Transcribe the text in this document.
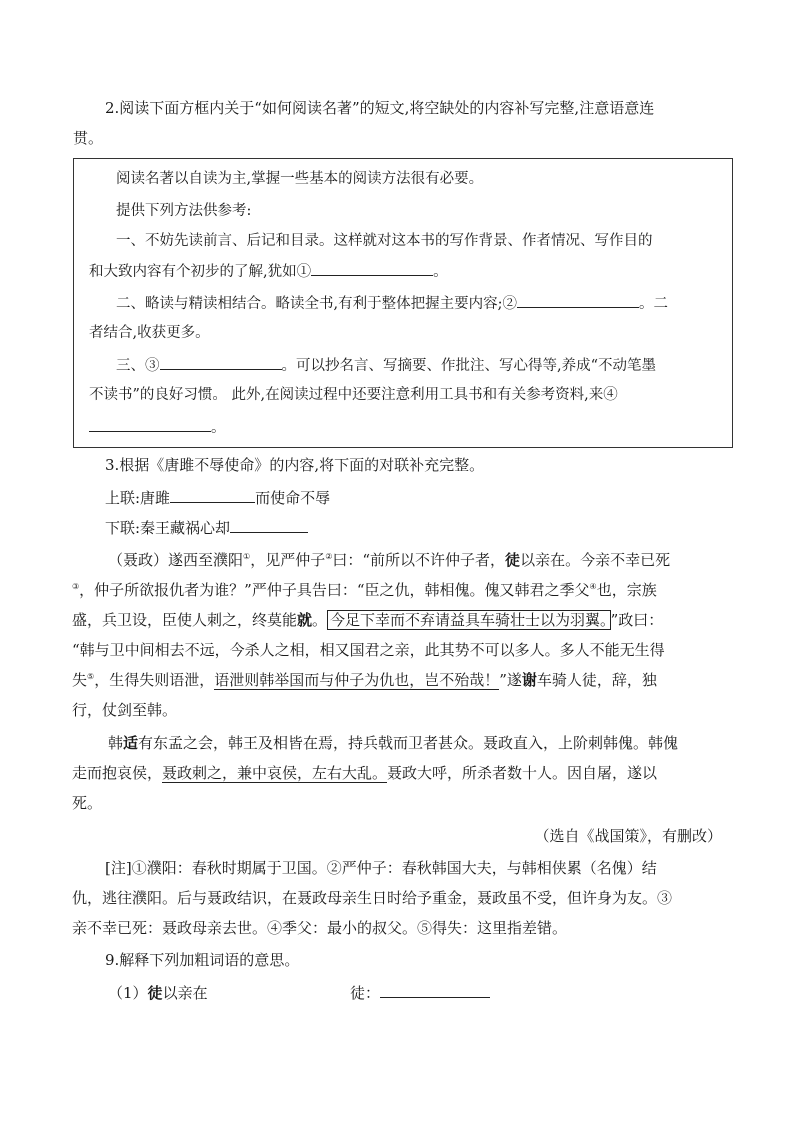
2.阅读下面方框内关于“如何阅读名著”的短文,将空缺处的内容补写完整,注意语意连
贯。
阅读名著以自读为主,掌握一些基本的阅读方法很有必要。
提供下列方法供参考:
一、不妨先读前言、后记和目录。这样就对这本书的写作背景、作者情况、写作目的
和大致内容有个初步的了解,犹如①	。
二、略读与精读相结合。略读全书,有利于整体把握主要内容;②	。二
者结合,收获更多。
三、③	。可以抄名言、写摘要、作批注、写心得等,养成“不动笔墨
不读书”的良好习惯。 此外,在阅读过程中还要注意利用工具书和有关参考资料,来④
。
3.根据《唐雎不辱使命》的内容,将下面的对联补充完整。
上联:唐雎	而使命不辱
下联:秦王藏祸心却
（聂政）遂西至濮阳①，见严仲子②曰：“前所以不许仲子者，徒以亲在。今亲不幸已死
③，仲子所欲报仇者为谁？”严仲子具告曰：“臣之仇，韩相傀。傀又韩君之季父④也，宗族
盛，兵卫设，臣使人刺之，终莫能就。 今足下幸而不弃请益具车骑壮士以为羽翼。 ”政曰：
“韩与卫中间相去不远，今杀人之相，相又国君之亲，此其势不可以多人。多人不能无生得
失⑤，生得失则语泄，语泄则韩举国而与仲子为仇也，岂不殆哉！”遂谢车骑人徒，辞，独
行，仗剑至韩。
韩适有东孟之会，韩王及相皆在焉，持兵戟而卫者甚众。聂政直入，上阶刺韩傀。韩傀
走而抱哀侯，聂政刺之，兼中哀侯，左右大乱。聂政大呼，所杀者数十人。因自屠，遂以
死。
（选自《战国策》，有删改）
[注]①濮阳：春秋时期属于卫国。②严仲子：春秋韩国大夫，与韩相侠累（名傀）结
仇，逃往濮阳。后与聂政结识，在聂政母亲生日时给予重金，聂政虽不受，但许身为友。③
亲不幸已死：聂政母亲去世。④季父：最小的叔父。⑤得失：这里指差错。
9.解释下列加粗词语的意思。
（1）徒以亲在	徒：
